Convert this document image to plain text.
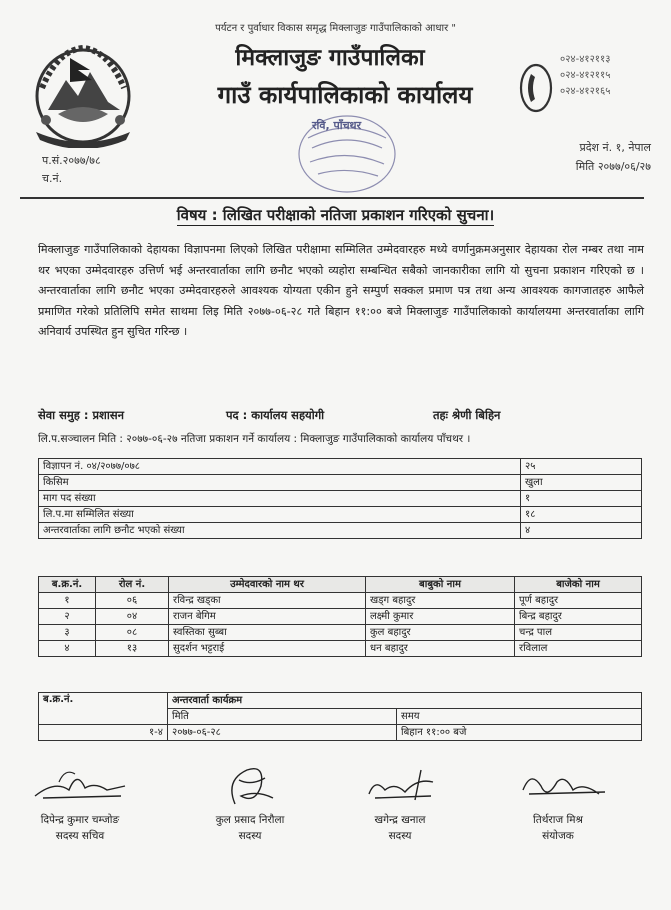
पर्यटन र पुर्वाधार विकास समृद्ध मिक्लाजुङ गाउँपालिकाको आधार "
मिक्लाजुङ गाउँपालिका
गाउँ कार्यपालिकाको कार्यालय
०२४-४१२११३
०२४-४१२११५
०२४-४१२१६५
रवि, पाँचथर
प.सं.२०७७/७८
च.नं.
प्रदेश नं. १, नेपाल
मिति २०७७/०६/२७
विषय : लिखित परीक्षाको नतिजा प्रकाशन गरिएको सुचना।
मिक्लाजुङ गाउँपालिकाको देहायका विज्ञापनमा लिएको लिखित परीक्षामा सम्मिलित उम्मेदवारहरु मध्ये वर्णानुक्रमअनुसार देहायका रोल नम्बर तथा नाम थर भएका उम्मेदवारहरु उत्तिर्ण भई अन्तरवार्ताका लागि छनौट भएको व्यहोरा सम्बन्धित सबैको जानकारीका लागि यो सुचना प्रकाशन गरिएको छ । अन्तरवार्ताका लागि छनौट भएका उम्मेदवारहरुले आवश्यक योग्यता एकीन हुने सम्पुर्ण सक्कल प्रमाण पत्र तथा अन्य आवश्यक कागजातहरु आफैले प्रमाणित गरेको प्रतिलिपि समेत साथमा लिइ मिति २०७७-०६-२८ गते बिहान ११:०० बजे मिक्लाजुङ गाउँपालिकाको कार्यालयमा अन्तरवार्ताका लागि अनिवार्य उपस्थित हुन सुचित गरिन्छ ।
सेवा समुह : प्रशासन	पद : कार्यालय सहयोगी	तहः श्रेणी बिहिन
लि.प.सञ्चालन मिति : २०७७-०६-२७ नतिजा प्रकाशन गर्ने कार्यालय : मिक्लाजुङ गाउँपालिकाको कार्यालय पाँचथर ।
विज्ञापन नं. ०४/२०७७/०७८	२५
किसिम	खुला
माग पद संख्या	१
लि.प.मा सम्मिलित संख्या	१८
अन्तरवार्ताका लागि छनौट भएको संख्या	४
ब.क्र.नं.	रोल नं.	उम्मेदवारको नाम थर	बाबुको नाम	बाजेको नाम
१	०६	रविन्द्र खड्का	खड्ग बहादुर	पूर्ण बहादुर
२	०४	राजन बेगिम	लक्ष्मी कुमार	बिन्द्र बहादुर
३	०८	स्वस्तिका सुब्बा	कुल बहादुर	चन्द्र पाल
४	१३	सुदर्शन भट्टराई	धन बहादुर	रविलाल
ब.क्र.नं.	अन्तरवार्ता कार्यक्रम	
	मिति	समय
१-४	२०७७-०६-२८	बिहान ११:०० बजे
दिपेन्द्र कुमार चम्जोङ
सदस्य सचिव
कुल प्रसाद निरौला
सदस्य
खगेन्द्र खनाल
सदस्य
तिर्थराज मिश्र
संयोजक
